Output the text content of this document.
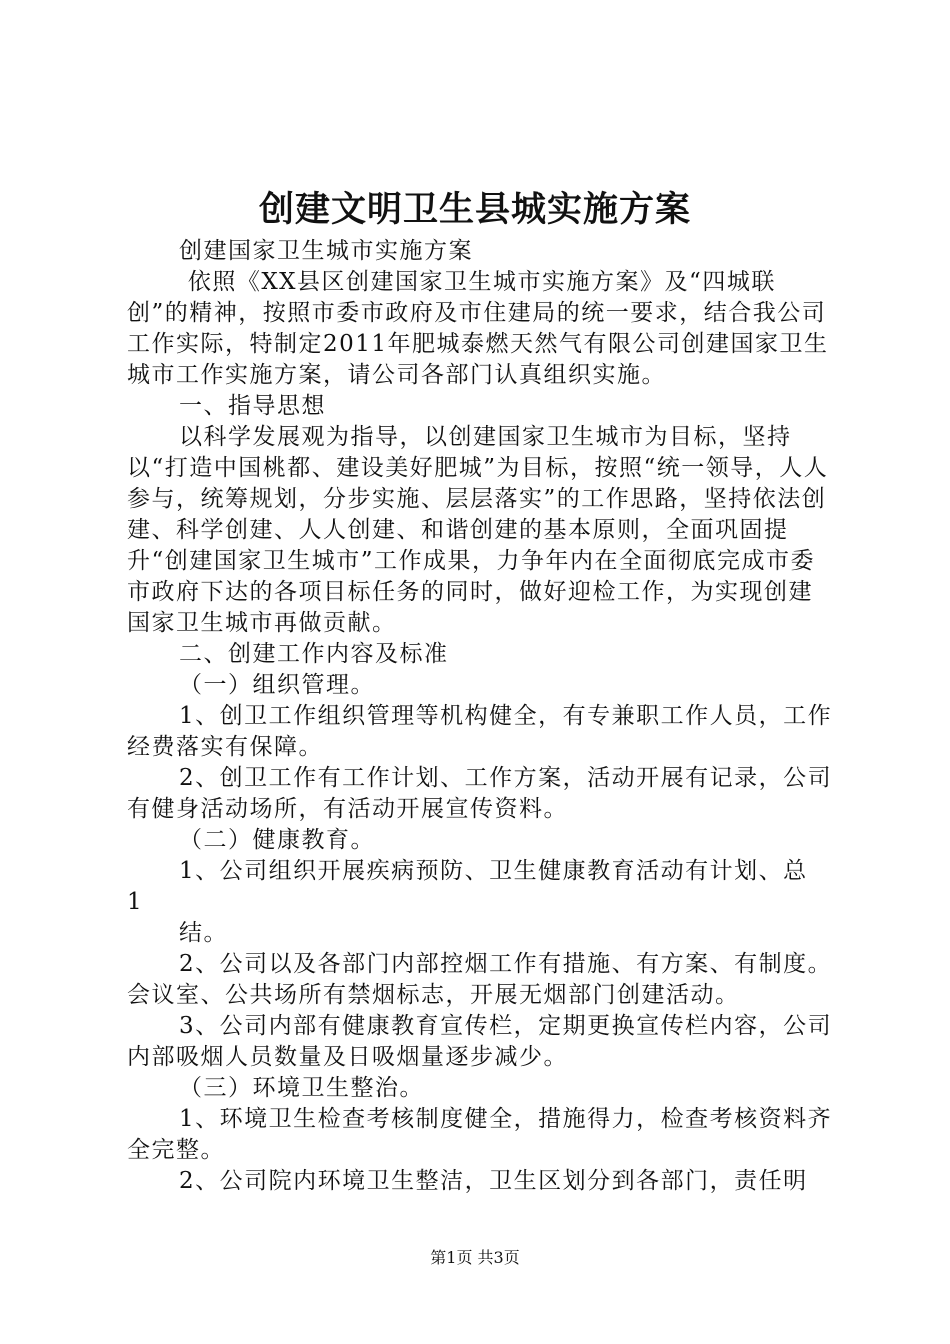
创建文明卫生县城实施方案

创建国家卫生城市实施方案

依照《XX县区创建国家卫生城市实施方案》及“四城联创”的精神，按照市委市政府及市住建局的统一要求，结合我公司工作实际，特制定2011年肥城泰燃天然气有限公司创建国家卫生城市工作实施方案，请公司各部门认真组织实施。

一、指导思想

以科学发展观为指导，以创建国家卫生城市为目标，坚持以“打造中国桃都、建设美好肥城”为目标，按照“统一领导，人人参与，统筹规划，分步实施、层层落实”的工作思路，坚持依法创建、科学创建、人人创建、和谐创建的基本原则，全面巩固提升“创建国家卫生城市”工作成果，力争年内在全面彻底完成市委市政府下达的各项目标任务的同时，做好迎检工作，为实现创建国家卫生城市再做贡献。

二、创建工作内容及标准

（一）组织管理。

1、创卫工作组织管理等机构健全，有专兼职工作人员，工作经费落实有保障。

2、创卫工作有工作计划、工作方案，活动开展有记录，公司有健身活动场所，有活动开展宣传资料。

（二）健康教育。

1、公司组织开展疾病预防、卫生健康教育活动有计划、总

1

结。

2、公司以及各部门内部控烟工作有措施、有方案、有制度。会议室、公共场所有禁烟标志，开展无烟部门创建活动。

3、公司内部有健康教育宣传栏，定期更换宣传栏内容，公司内部吸烟人员数量及日吸烟量逐步减少。

（三）环境卫生整治。

1、环境卫生检查考核制度健全，措施得力，检查考核资料齐全完整。

2、公司院内环境卫生整洁，卫生区划分到各部门，责任明

第1页 共3页
